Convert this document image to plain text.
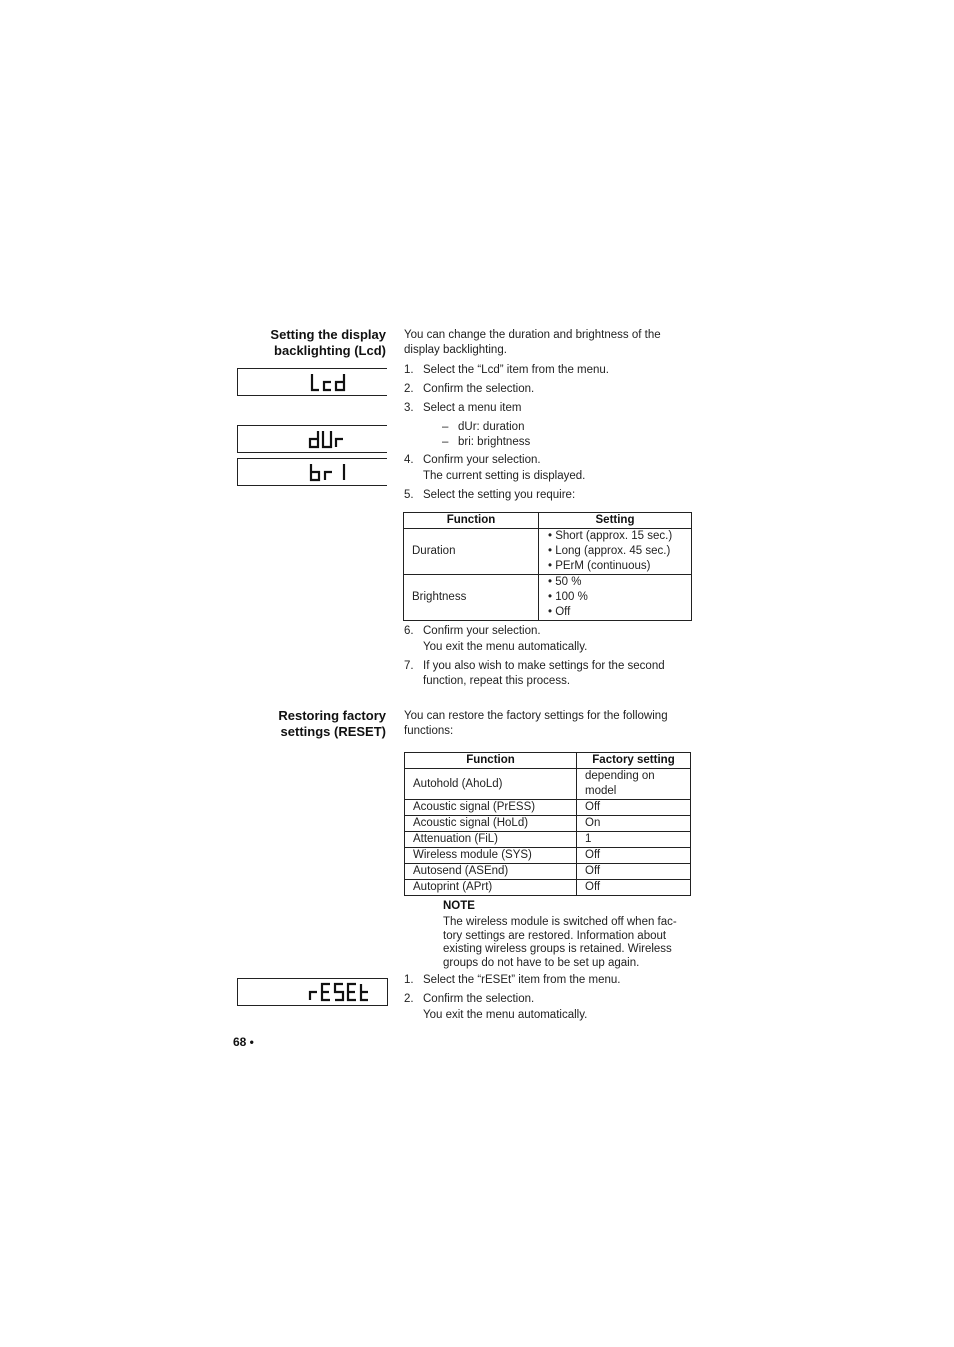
Setting the display
backlighting (Lcd)
You can change the duration and brightness of the
display backlighting.
1. Select the “Lcd” item from the menu.
2. Confirm the selection.
3. Select a menu item
– dUr: duration
– bri: brightness
4. Confirm your selection.
The current setting is displayed.
5. Select the setting you require:
Function	Setting
Duration	• Short (approx. 15 sec.)
• Long (approx. 45 sec.)
• PErM (continuous)

Brightness	• 50 %
• 100 %
• Off
6. Confirm your selection.
You exit the menu automatically.
7. If you also wish to make settings for the second
function, repeat this process.
Restoring factory
settings (RESET)
You can restore the factory settings for the following
functions:
Function	Factory setting
Autohold (AhoLd)	depending on
model

Acoustic signal (PrESS)	Off
Acoustic signal (HoLd)	On
Attenuation (FiL)	1
Wireless module (SYS)	Off
Autosend (ASEnd)	Off
Autoprint (APrt)	Off
NOTE
The wireless module is switched off when fac-
tory settings are restored. Information about
existing wireless groups is retained. Wireless
groups do not have to be set up again.
1. Select the “rESEt” item from the menu.
2. Confirm the selection.
You exit the menu automatically.
68 •
